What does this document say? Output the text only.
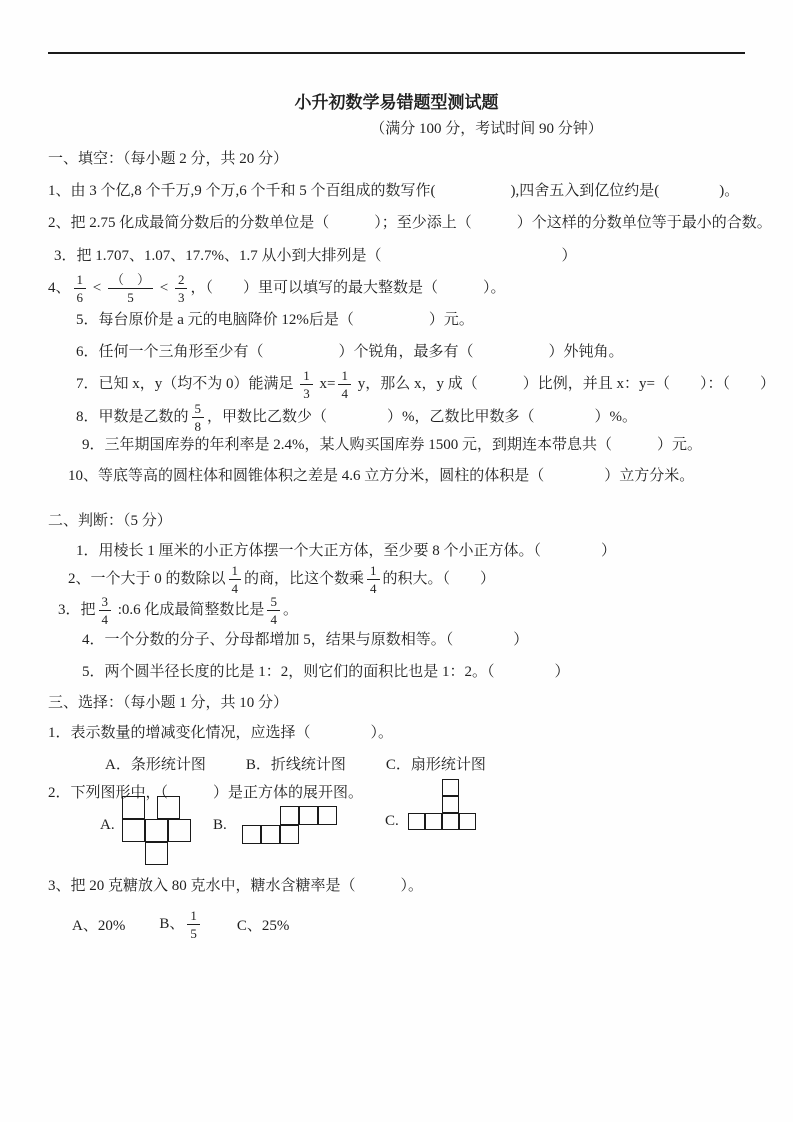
小升初数学易错题型测试题
（满分 100 分，考试时间 90 分钟）
一、填空：（每小题 2 分，共 20 分）
1、由 3 个亿,8 个千万,9 个万,6 个千和 5 个百组成的数写作(　　　　　),四舍五入到亿位约是(　　　　)。
2、把 2.75 化成最简分数后的分数单位是（　　　）；至少添上（　　　）个这样的分数单位等于最小的合数。
3．把 1.707、1.07、17.7%、1.7 从小到大排列是（　　　　　　　　　　　　）
4、 $\frac{1}{6} < \frac{( )}{5} < \frac{2}{3}$ ，（　　）里可以填写的最大整数是（　　　）。
5．每台原价是 a 元的电脑降价 12%后是（　　　　　）元。
6．任何一个三角形至少有（　　　　　）个锐角，最多有（　　　　　）外钝角。
7．已知 x，y（均不为 0）能满足 $\frac{1}{3} x= \frac{1}{4}$ y，那么 x，y 成（　　　）比例，并且 x：y=（　　）：（　　）
8．甲数是乙数的 $\frac{5}{8}$ ，甲数比乙数少（　　　　）%，乙数比甲数多（　　　　）%。
9．三年期国库券的年利率是 2.4%，某人购买国库券 1500 元，到期连本带息共（　　　）元。
10、等底等高的圆柱体和圆锥体积之差是 4.6 立方分米，圆柱的体积是（　　　　）立方分米。
二、判断：（5 分）
1．用棱长 1 厘米的小正方体摆一个大正方体，至少要 8 个小正方体。（　　　　）
2、一个大于 0 的数除以 $\frac{1}{4}$ 的商，比这个数乘 $\frac{1}{4}$ 的积大。（　　）
3．把 $\frac{3}{4}$ :0.6 化成最简整数比是 $\frac{5}{4}$ 。
4．一个分数的分子、分母都增加 5，结果与原数相等。（　　　　）
5．两个圆半径长度的比是 1：2，则它们的面积比也是 1：2。（　　　　）
三、选择：（每小题 1 分，共 10 分）
1．表示数量的增减变化情况，应选择（　　　　）。
A．条形统计图	B．折线统计图	C．扇形统计图
2．下列图形中，（　　　）是正方体的展开图。
A.	B.	C.
3、把 20 克糖放入 80 克水中，糖水含糖率是（　　　）。
A、20% B、 $\frac{1}{5}$ C、25%
